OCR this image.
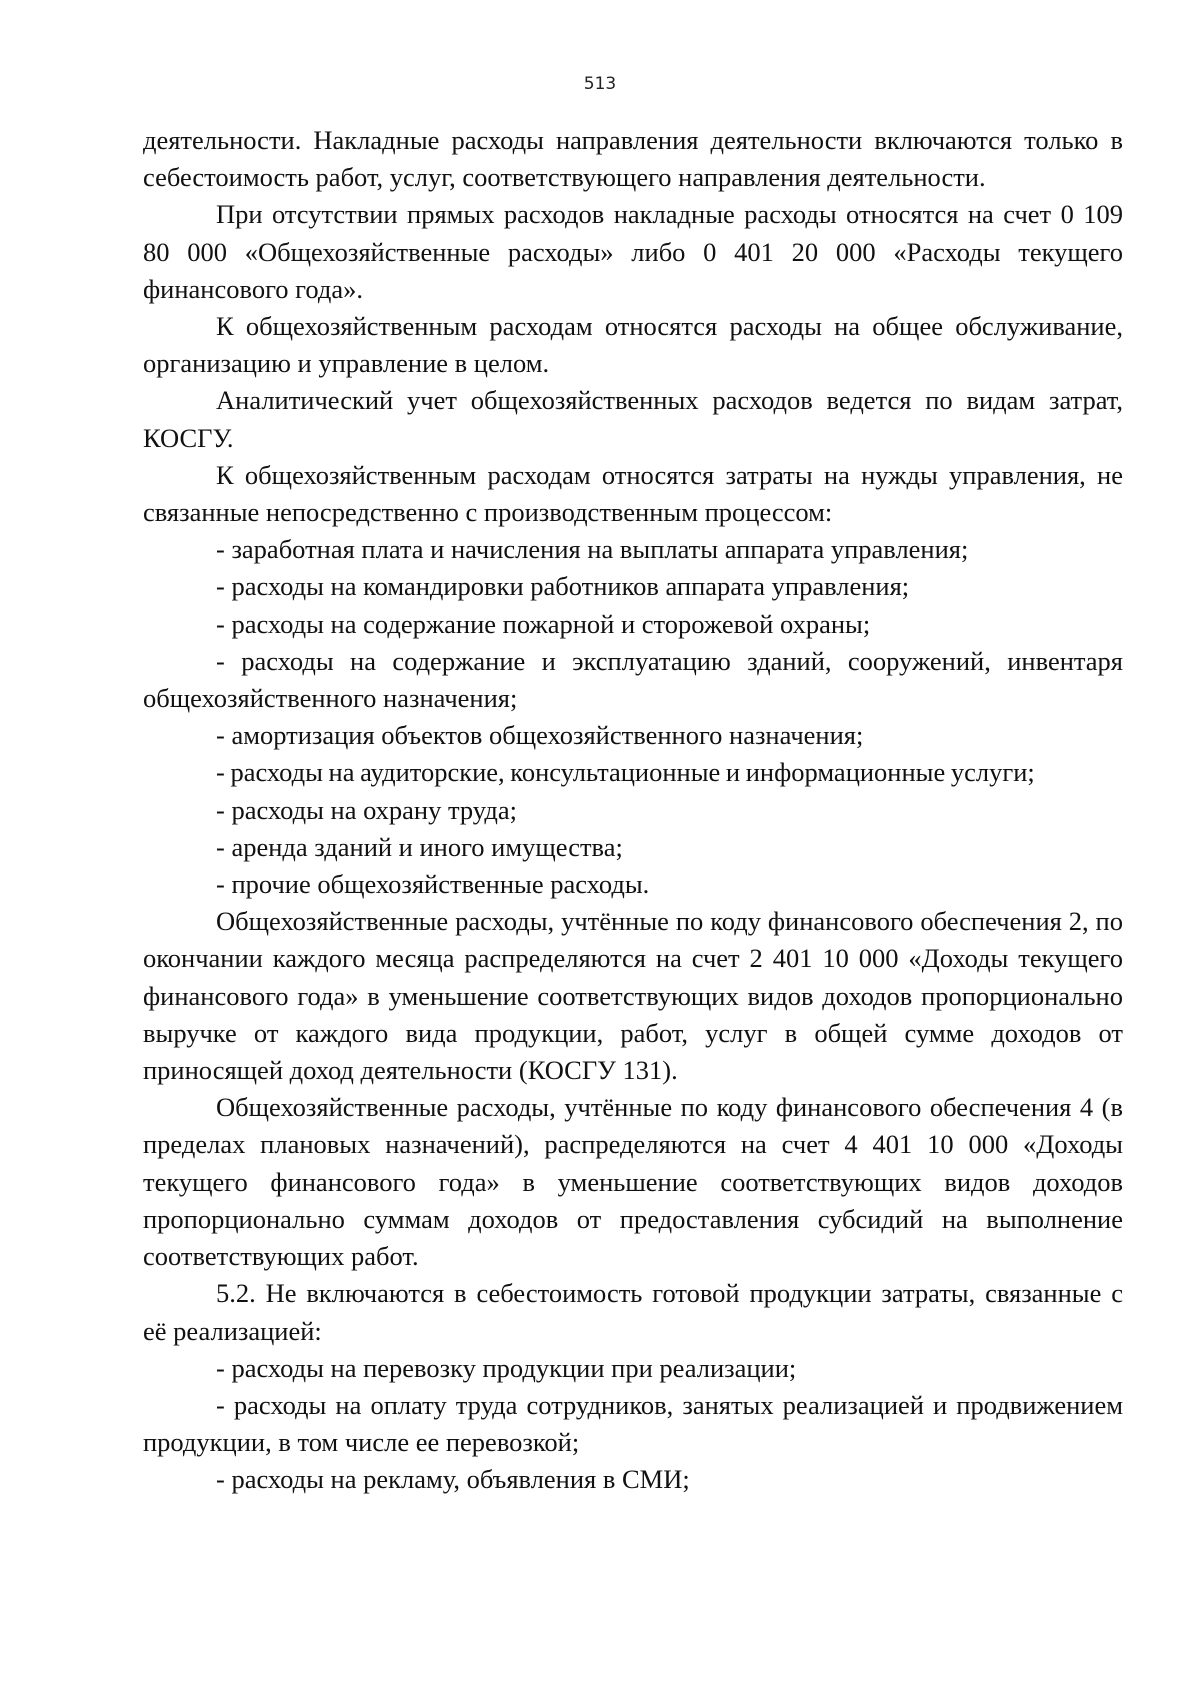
513

деятельности. Накладные расходы направления деятельности включаются только в себестоимость работ, услуг, соответствующего направления деятельности.

При отсутствии прямых расходов накладные расходы относятся на счет 0 109 80 000 «Общехозяйственные расходы» либо 0 401 20 000 «Расходы текущего финансового года».

К общехозяйственным расходам относятся расходы на общее обслуживание, организацию и управление в целом.

Аналитический учет общехозяйственных расходов ведется по видам затрат, КОСГУ.

К общехозяйственным расходам относятся затраты на нужды управления, не связанные непосредственно с производственным процессом:

- заработная плата и начисления на выплаты аппарата управления;

- расходы на командировки работников аппарата управления;

- расходы на содержание пожарной и сторожевой охраны;

- расходы на содержание и эксплуатацию зданий, сооружений, инвентаря общехозяйственного назначения;

- амортизация объектов общехозяйственного назначения;

- расходы на аудиторские, консультационные и информационные услуги;

- расходы на охрану труда;

- аренда зданий и иного имущества;

- прочие общехозяйственные расходы.

Общехозяйственные расходы, учтённые по коду финансового обеспечения 2, по окончании каждого месяца распределяются на счет 2 401 10 000 «Доходы текущего финансового года» в уменьшение соответствующих видов доходов пропорционально выручке от каждого вида продукции, работ, услуг в общей сумме доходов от приносящей доход деятельности (КОСГУ 131).

Общехозяйственные расходы, учтённые по коду финансового обеспечения 4 (в пределах плановых назначений), распределяются на счет 4 401 10 000 «Доходы текущего финансового года» в уменьшение соответствующих видов доходов пропорционально суммам доходов от предоставления субсидий на выполнение соответствующих работ.

5.2. Не включаются в себестоимость готовой продукции затраты, связанные с её реализацией:

- расходы на перевозку продукции при реализации;

- расходы на оплату труда сотрудников, занятых реализацией и продвижением продукции, в том числе ее перевозкой;

- расходы на рекламу, объявления в СМИ;
